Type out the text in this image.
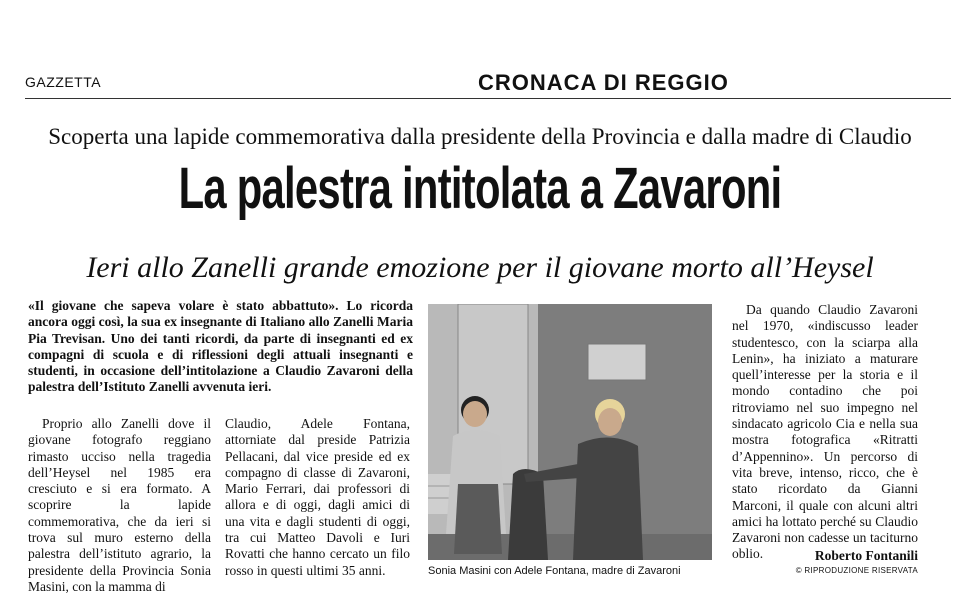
GAZZETTA	CRONACA DI REGGIO
Scoperta una lapide commemorativa dalla presidente della Provincia e dalla madre di Claudio
La palestra intitolata a Zavaroni
Ieri allo Zanelli grande emozione per il giovane morto all’Heysel
«Il giovane che sapeva volare è stato abbattuto». Lo ricorda ancora oggi così, la sua ex insegnante di Italiano allo Zanelli Maria Pia Trevisan. Uno dei tanti ricordi, da parte di insegnanti ed ex compagni di scuola e di riflessioni degli attuali insegnanti e studenti, in occasione dell’intitolazione a Claudio Zavaroni della palestra dell’Istituto Zanelli avvenuta ieri.

Proprio allo Zanelli dove il giovane fotografo reggiano rimasto ucciso nella tragedia dell’Heysel nel 1985 era cresciuto e si era formato. A scoprire la lapide commemorativa, che da ieri si trova sul muro esterno della palestra dell’istituto agrario, la presidente della Provincia Sonia Masini, con la mamma di

Claudio, Adele Fontana, attorniate dal preside Patrizia Pellacani, dal vice preside ed ex compagno di classe di Zavaroni, Mario Ferrari, dai professori di allora e di oggi, dagli amici di una vita e dagli studenti di oggi, tra cui Matteo Davoli e Iuri Rovatti che hanno cercato un filo rosso in questi ultimi 35 anni.

Da quando Claudio Zavaroni nel 1970, «indiscusso leader studentesco, con la sciarpa alla Lenin», ha iniziato a maturare quell’interesse per la storia e il mondo contadino che poi ritroviamo nel suo impegno nel sindacato agricolo Cia e nella sua mostra fotografica «Ritratti d’Appennino». Un percorso di vita breve, intenso, ricco, che è stato ricordato da Gianni Marconi, il quale con alcuni altri amici ha lottato perché su Claudio Zavaroni non cadesse un taciturno oblio.

Sonia Masini con Adele Fontana, madre di Zavaroni
Roberto Fontanili
© RIPRODUZIONE RISERVATA
